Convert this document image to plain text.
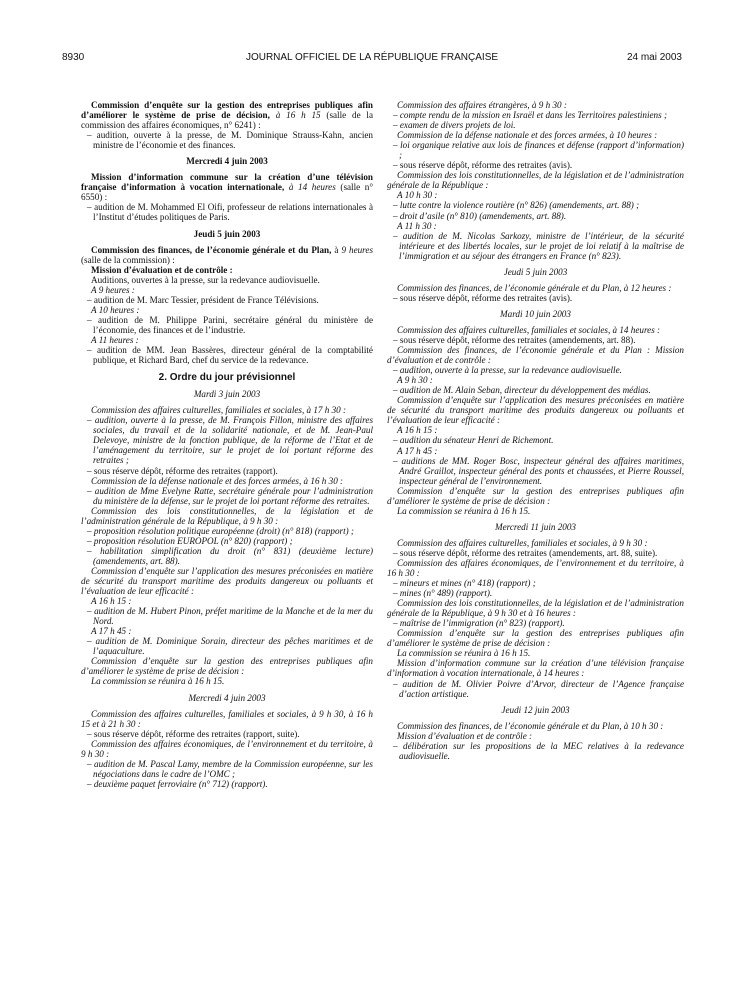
8930	JOURNAL OFFICIEL DE LA RÉPUBLIQUE FRANÇAISE	24 mai 2003

Commission d’enquête sur la gestion des entreprises publiques afin d’améliorer le système de prise de décision, à 16 h 15 (salle de la commission des affaires économiques, n° 6241) :

– audition, ouverte à la presse, de M. Dominique Strauss-Kahn, ancien ministre de l’économie et des finances.

Mercredi 4 juin 2003

Mission d’information commune sur la création d’une télévision française d’information à vocation internationale, à 14 heures (salle n° 6550) :

– audition de M. Mohammed El Oifi, professeur de relations internationales à l’Institut d’études politiques de Paris.

Jeudi 5 juin 2003

Commission des finances, de l’économie générale et du Plan, à 9 heures (salle de la commission) :

Mission d’évaluation et de contrôle :

Auditions, ouvertes à la presse, sur la redevance audiovisuelle.

A 9 heures :

– audition de M. Marc Tessier, président de France Télévisions.

A 10 heures :

– audition de M. Philippe Parini, secrétaire général du ministère de l’économie, des finances et de l’industrie.

A 11 heures :

– audition de MM. Jean Bassères, directeur général de la comptabilité publique, et Richard Bard, chef du service de la redevance.

2. Ordre du jour prévisionnel

Mardi 3 juin 2003

Commission des affaires culturelles, familiales et sociales, à 17 h 30 :

– audition, ouverte à la presse, de M. François Fillon, ministre des affaires sociales, du travail et de la solidarité nationale, et de M. Jean-Paul Delevoye, ministre de la fonction publique, de la réforme de l’Etat et de l’aménagement du territoire, sur le projet de loi portant réforme des retraites ;

– sous réserve dépôt, réforme des retraites (rapport).

Commission de la défense nationale et des forces armées, à 16 h 30 :

– audition de Mme Evelyne Ratte, secrétaire générale pour l’administration du ministère de la défense, sur le projet de loi portant réforme des retraites.

Commission des lois constitutionnelles, de la législation et de l’administration générale de la République, à 9 h 30 :

– proposition résolution politique européenne (droit) (n° 818) (rapport) ;

– proposition résolution EUROPOL (n° 820) (rapport) ;

– habilitation simplification du droit (n° 831) (deuxième lecture) (amendements, art. 88).

Commission d’enquête sur l’application des mesures préconisées en matière de sécurité du transport maritime des produits dangereux ou polluants et l’évaluation de leur efficacité :

A 16 h 15 :

– audition de M. Hubert Pinon, préfet maritime de la Manche et de la mer du Nord.

A 17 h 45 :

– audition de M. Dominique Sorain, directeur des pêches maritimes et de l’aquaculture.

Commission d’enquête sur la gestion des entreprises publiques afin d’améliorer le système de prise de décision :

La commission se réunira à 16 h 15.

Mercredi 4 juin 2003

Commission des affaires culturelles, familiales et sociales, à 9 h 30, à 16 h 15 et à 21 h 30 :

– sous réserve dépôt, réforme des retraites (rapport, suite).

Commission des affaires économiques, de l’environnement et du territoire, à 9 h 30 :

– audition de M. Pascal Lamy, membre de la Commission européenne, sur les négociations dans le cadre de l’OMC ;

– deuxième paquet ferroviaire (n° 712) (rapport).

Commission des affaires étrangères, à 9 h 30 :

– compte rendu de la mission en Israël et dans les Territoires palestiniens ;

– examen de divers projets de loi.

Commission de la défense nationale et des forces armées, à 10 heures :

– loi organique relative aux lois de finances et défense (rapport d’information) ;

– sous réserve dépôt, réforme des retraites (avis).

Commission des lois constitutionnelles, de la législation et de l’administration générale de la République :

A 10 h 30 :

– lutte contre la violence routière (n° 826) (amendements, art. 88) ;

– droit d’asile (n° 810) (amendements, art. 88).

A 11 h 30 :

– audition de M. Nicolas Sarkozy, ministre de l’intérieur, de la sécurité intérieure et des libertés locales, sur le projet de loi relatif à la maîtrise de l’immigration et au séjour des étrangers en France (n° 823).

Jeudi 5 juin 2003

Commission des finances, de l’économie générale et du Plan, à 12 heures :

– sous réserve dépôt, réforme des retraites (avis).

Mardi 10 juin 2003

Commission des affaires culturelles, familiales et sociales, à 14 heures :

– sous réserve dépôt, réforme des retraites (amendements, art. 88).

Commission des finances, de l’économie générale et du Plan : Mission d’évaluation et de contrôle :

– audition, ouverte à la presse, sur la redevance audiovisuelle.

A 9 h 30 :

– audition de M. Alain Seban, directeur du développement des médias.

Commission d’enquête sur l’application des mesures préconisées en matière de sécurité du transport maritime des produits dangereux ou polluants et l’évaluation de leur efficacité :

A 16 h 15 :

– audition du sénateur Henri de Richemont.

A 17 h 45 :

– auditions de MM. Roger Bosc, inspecteur général des affaires maritimes, André Graillot, inspecteur général des ponts et chaussées, et Pierre Roussel, inspecteur général de l’environnement.

Commission d’enquête sur la gestion des entreprises publiques afin d’améliorer le système de prise de décision :

La commission se réunira à 16 h 15.

Mercredi 11 juin 2003

Commission des affaires culturelles, familiales et sociales, à 9 h 30 :

– sous réserve dépôt, réforme des retraites (amendements, art. 88, suite).

Commission des affaires économiques, de l’environnement et du territoire, à 16 h 30 :

– mineurs et mines (n° 418) (rapport) ;

– mines (n° 489) (rapport).

Commission des lois constitutionnelles, de la législation et de l’administration générale de la République, à 9 h 30 et à 16 heures :

– maîtrise de l’immigration (n° 823) (rapport).

Commission d’enquête sur la gestion des entreprises publiques afin d’améliorer le système de prise de décision :

La commission se réunira à 16 h 15.

Mission d’information commune sur la création d’une télévision française d’information à vocation internationale, à 14 heures :

– audition de M. Olivier Poivre d’Arvor, directeur de l’Agence française d’action artistique.

Jeudi 12 juin 2003

Commission des finances, de l’économie générale et du Plan, à 10 h 30 :

Mission d’évaluation et de contrôle :

– délibération sur les propositions de la MEC relatives à la redevance audiovisuelle.
